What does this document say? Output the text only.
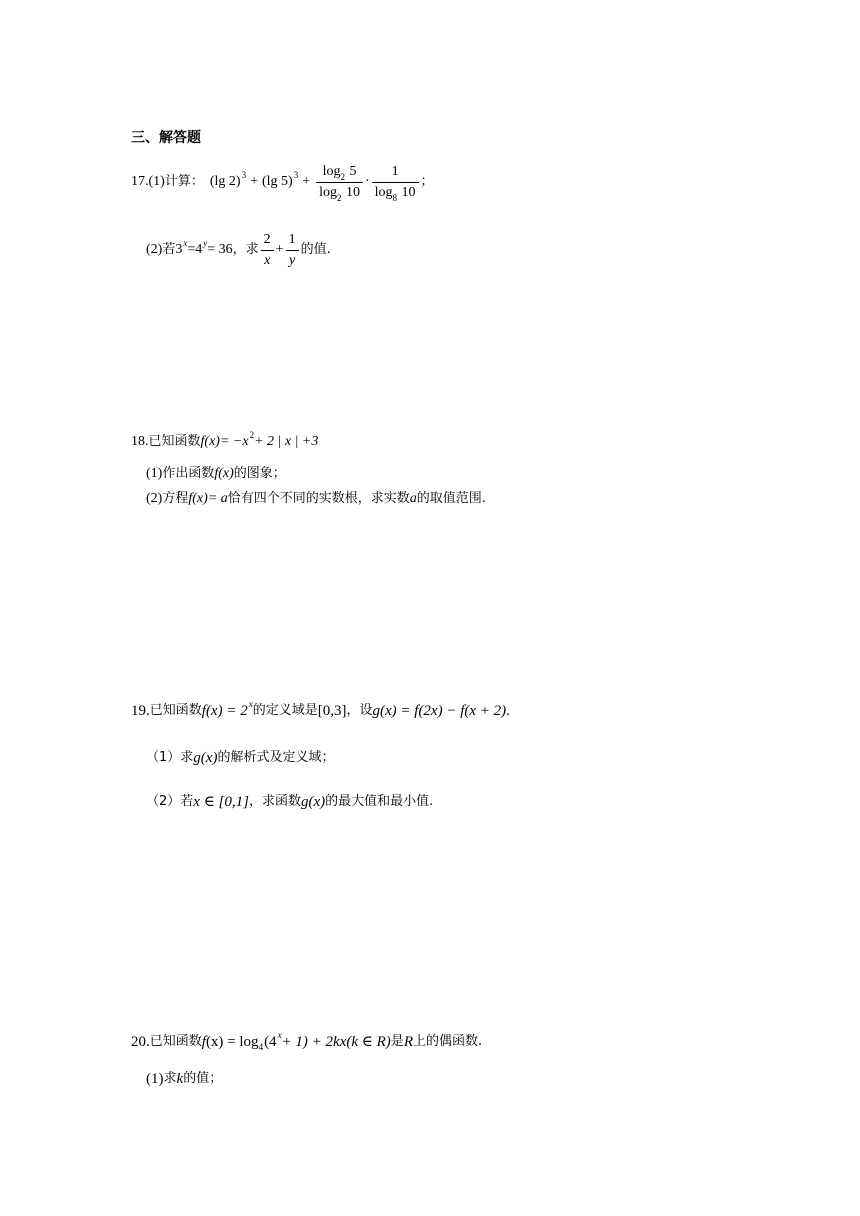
三、解答题
17. (1) 计算： (lg 2) 3 + (lg 5) $3 + \frac{\log_2 5}{\log_2 10} \cdot \frac{1}{\log_8 10}$ ；
(2) 若 3 x = 4 y = 36 ，求 $\frac{2}{x} + \frac{1}{y}$ 的值.
18. 已知函数 f (x) = −x 2 + 2 | x | +3
(1) 作出函数 f (x) 的图象；
(2) 方程 f (x) = a 恰有四个不同的实数根，求实数 a 的取值范围.
19. 已知函数 f (x) = 2 x 的定义域是 [0,3] ，设 g(x) = f(2x) − f(x + 2) .
（1） 求 g(x) 的解析式及定义域；
（2） 若 x ∈ [0,1] ，求函数 g(x) 的最大值和最小值.
20. 已知函数 f (x) = log 4 (4 x + 1) + 2kx (k ∈ R) 是 R 上的偶函数.
(1) 求 k 的值；
